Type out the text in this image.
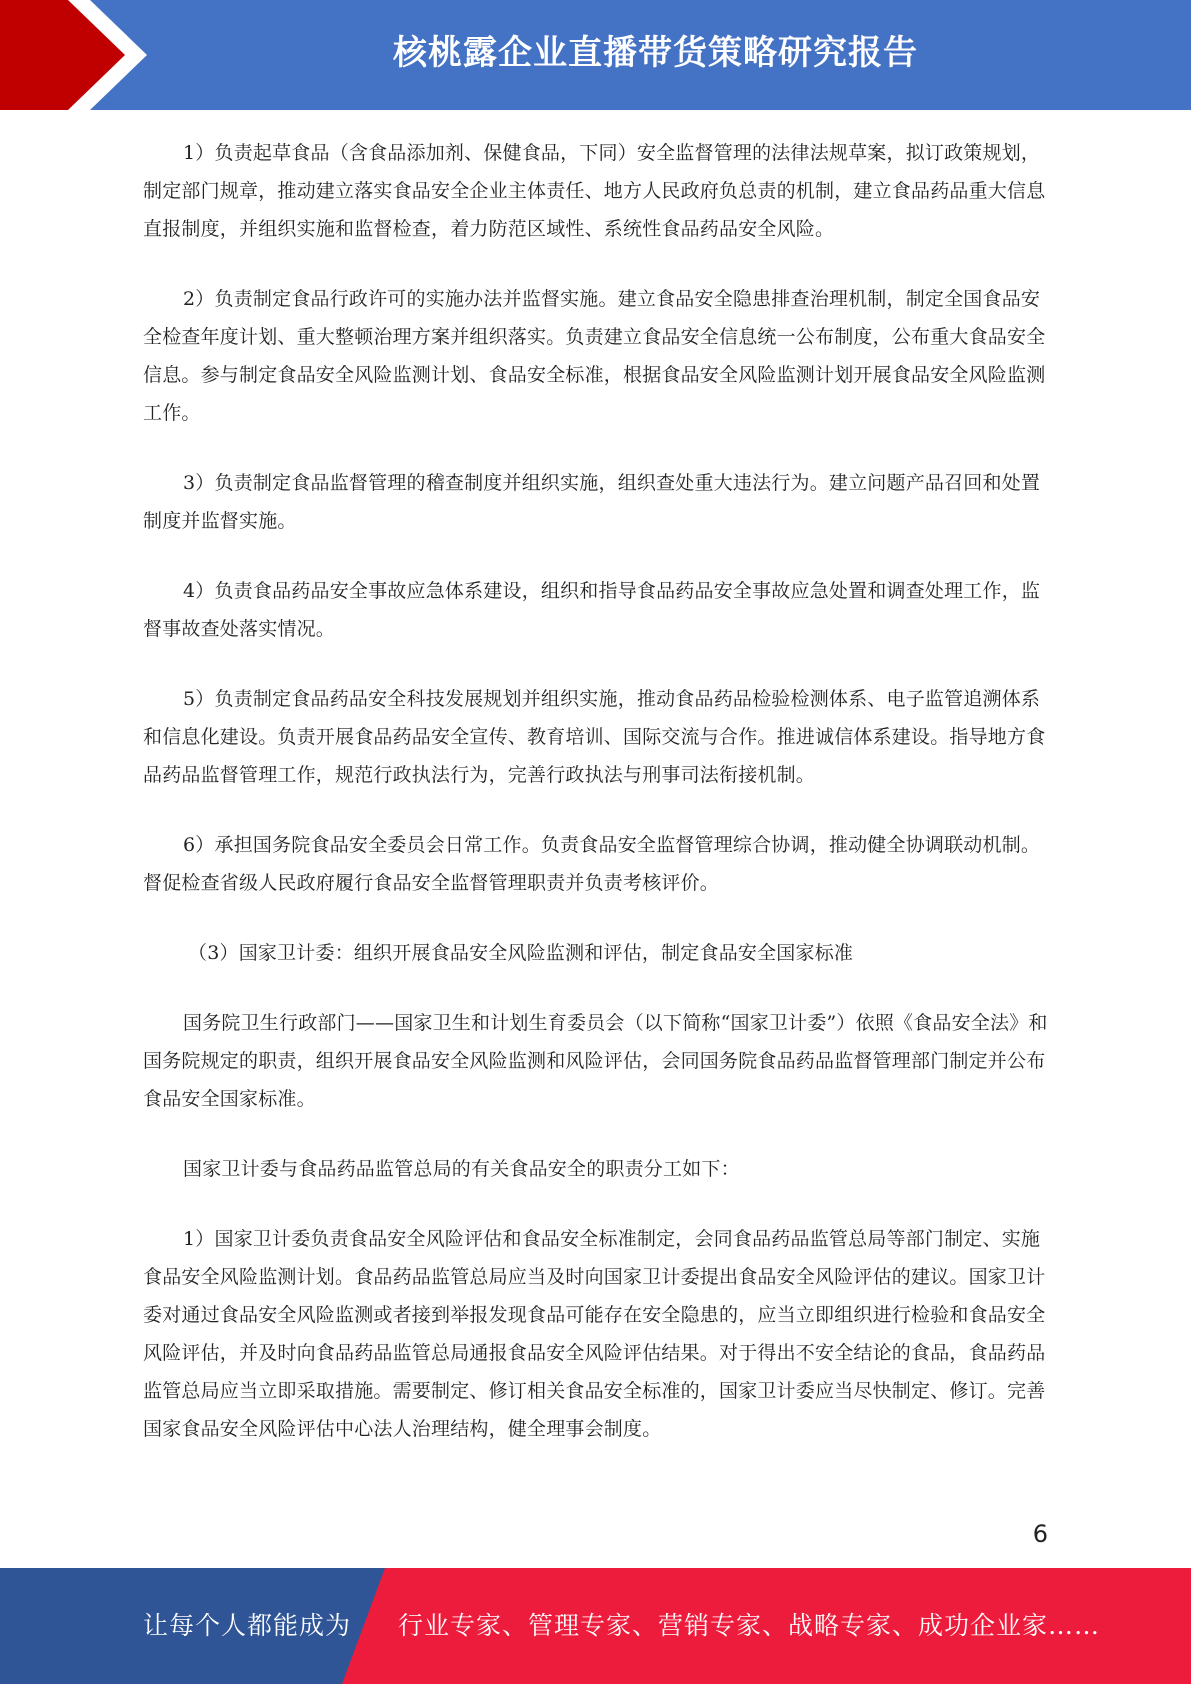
核桃露企业直播带货策略研究报告

1）负责起草食品（含食品添加剂、保健食品，下同）安全监督管理的法律法规草案，拟订政策规划，制定部门规章，推动建立落实食品安全企业主体责任、地方人民政府负总责的机制，建立食品药品重大信息直报制度，并组织实施和监督检查，着力防范区域性、系统性食品药品安全风险。

2）负责制定食品行政许可的实施办法并监督实施。建立食品安全隐患排查治理机制，制定全国食品安全检查年度计划、重大整顿治理方案并组织落实。负责建立食品安全信息统一公布制度，公布重大食品安全信息。参与制定食品安全风险监测计划、食品安全标准，根据食品安全风险监测计划开展食品安全风险监测工作。

3）负责制定食品监督管理的稽查制度并组织实施，组织查处重大违法行为。建立问题产品召回和处置制度并监督实施。

4）负责食品药品安全事故应急体系建设，组织和指导食品药品安全事故应急处置和调查处理工作，监督事故查处落实情况。

5）负责制定食品药品安全科技发展规划并组织实施，推动食品药品检验检测体系、电子监管追溯体系和信息化建设。负责开展食品药品安全宣传、教育培训、国际交流与合作。推进诚信体系建设。指导地方食品药品监督管理工作，规范行政执法行为，完善行政执法与刑事司法衔接机制。

6）承担国务院食品安全委员会日常工作。负责食品安全监督管理综合协调，推动健全协调联动机制。督促检查省级人民政府履行食品安全监督管理职责并负责考核评价。

（3）国家卫计委：组织开展食品安全风险监测和评估，制定食品安全国家标准

国务院卫生行政部门——国家卫生和计划生育委员会（以下简称“国家卫计委”）依照《食品安全法》和国务院规定的职责，组织开展食品安全风险监测和风险评估，会同国务院食品药品监督管理部门制定并公布食品安全国家标准。

国家卫计委与食品药品监管总局的有关食品安全的职责分工如下：

1）国家卫计委负责食品安全风险评估和食品安全标准制定，会同食品药品监管总局等部门制定、实施食品安全风险监测计划。食品药品监管总局应当及时向国家卫计委提出食品安全风险评估的建议。国家卫计委对通过食品安全风险监测或者接到举报发现食品可能存在安全隐患的，应当立即组织进行检验和食品安全风险评估，并及时向食品药品监管总局通报食品安全风险评估结果。对于得出不安全结论的食品，食品药品监管总局应当立即采取措施。需要制定、修订相关食品安全标准的，国家卫计委应当尽快制定、修订。完善国家食品安全风险评估中心法人治理结构，健全理事会制度。

6
让每个人都能成为 行业专家、管理专家、营销专家、战略专家、成功企业家……
